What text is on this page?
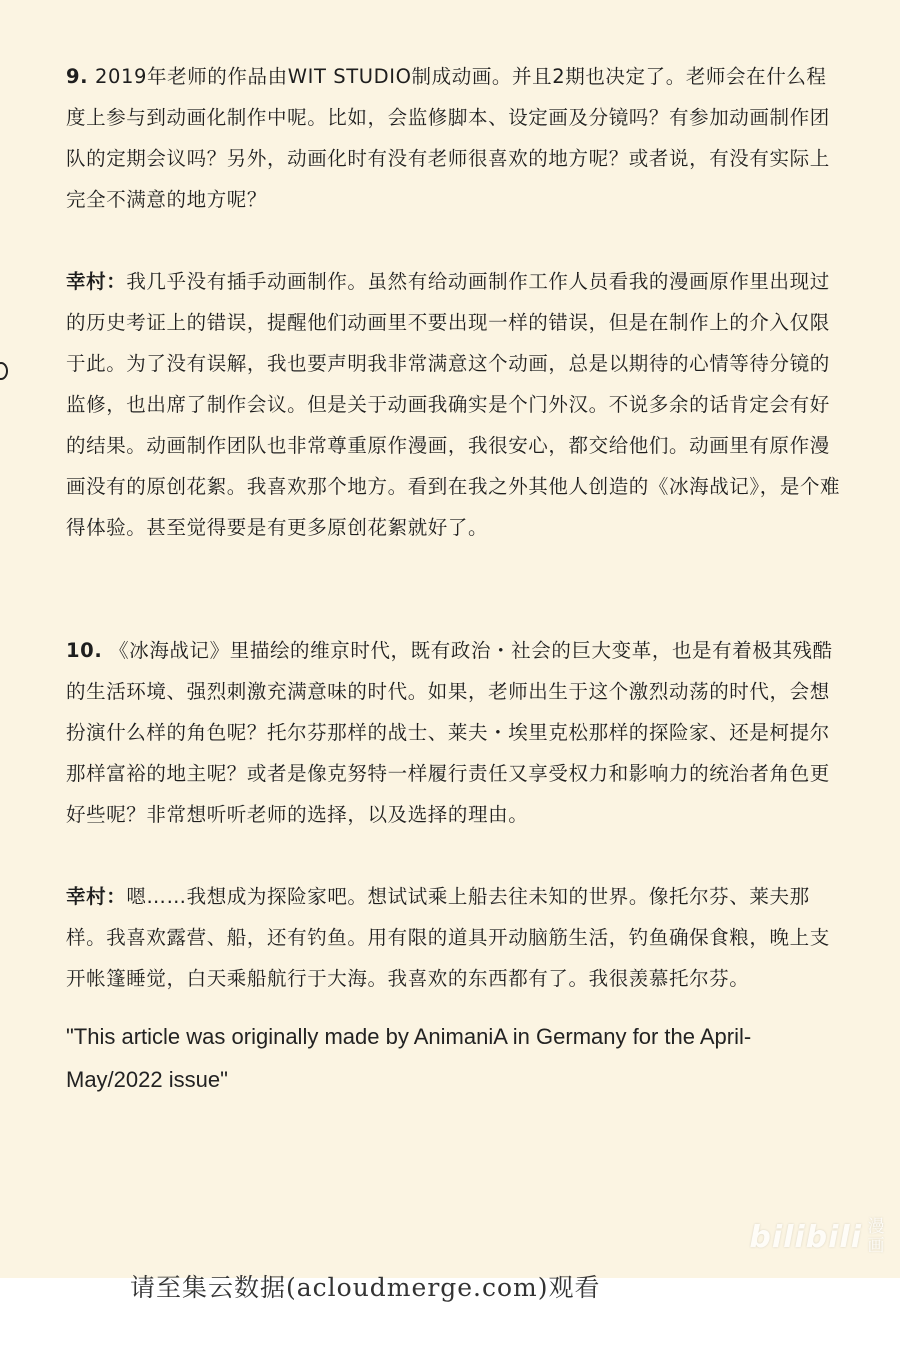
9. 2019年老师的作品由WIT STUDIO制成动画。并且2期也决定了。老师会在什么程度上参与到动画化制作中呢。比如，会监修脚本、设定画及分镜吗？有参加动画制作团队的定期会议吗？另外，动画化时有没有老师很喜欢的地方呢？或者说，有没有实际上完全不满意的地方呢？

幸村：我几乎没有插手动画制作。虽然有给动画制作工作人员看我的漫画原作里出现过的历史考证上的错误，提醒他们动画里不要出现一样的错误，但是在制作上的介入仅限于此。为了没有误解，我也要声明我非常满意这个动画，总是以期待的心情等待分镜的监修，也出席了制作会议。但是关于动画我确实是个门外汉。不说多余的话肯定会有好的结果。动画制作团队也非常尊重原作漫画，我很安心，都交给他们。动画里有原作漫画没有的原创花絮。我喜欢那个地方。看到在我之外其他人创造的《冰海战记》，是个难得体验。甚至觉得要是有更多原创花絮就好了。

10. 《冰海战记》里描绘的维京时代，既有政治・社会的巨大变革，也是有着极其残酷的生活环境、强烈刺激充满意味的时代。如果，老师出生于这个激烈动荡的时代，会想扮演什么样的角色呢？托尔芬那样的战士、莱夫・埃里克松那样的探险家、还是柯提尔那样富裕的地主呢？或者是像克努特一样履行责任又享受权力和影响力的统治者角色更好些呢？非常想听听老师的选择，以及选择的理由。

幸村：嗯……我想成为探险家吧。想试试乘上船去往未知的世界。像托尔芬、莱夫那样。我喜欢露营、船，还有钓鱼。用有限的道具开动脑筋生活，钓鱼确保食粮，晚上支开帐篷睡觉，白天乘船航行于大海。我喜欢的东西都有了。我很羡慕托尔芬。

"This article was originally made by AnimaniA in Germany for the April-May/2022 issue"

bilibili 漫画
请至集云数据(acloudmerge.com)观看
